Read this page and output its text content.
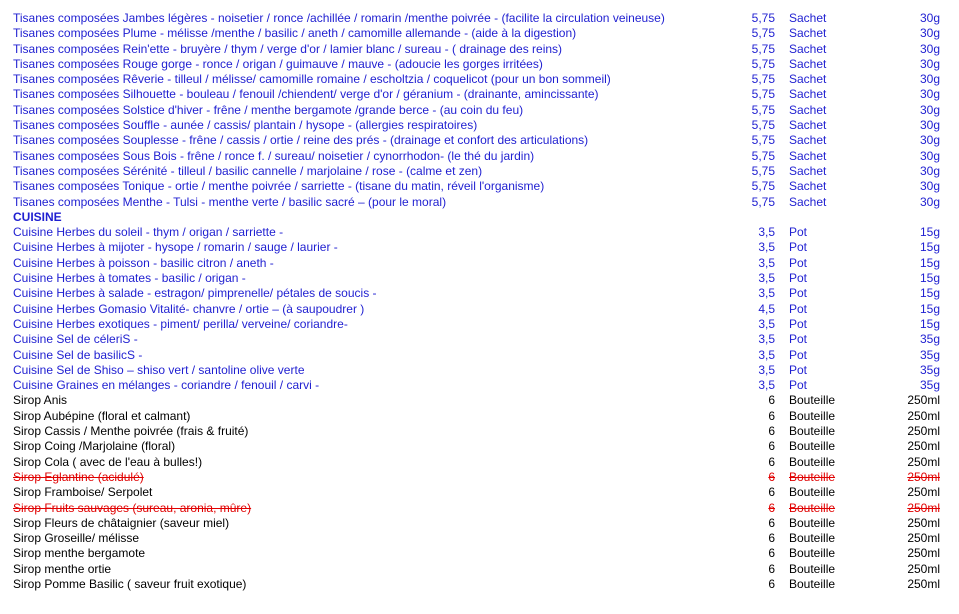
Tisanes composées Jambes légères - noisetier / ronce /achillée / romarin /menthe poivrée - (facilite la circulation veineuse)	5,75 Sachet	30g
Tisanes composées Plume - mélisse /menthe / basilic / aneth / camomille allemande - (aide à la digestion)	5,75 Sachet	30g
Tisanes composées Rein'ette - bruyère / thym / verge d'or / lamier blanc / sureau - ( drainage des reins)	5,75 Sachet	30g
Tisanes composées Rouge gorge - ronce / origan / guimauve / mauve - (adoucie les gorges irritées)	5,75 Sachet	30g
Tisanes composées Rêverie - tilleul / mélisse/ camomille romaine / escholtzia / coquelicot (pour un bon sommeil)	5,75 Sachet	30g
Tisanes composées Silhouette - bouleau / fenouil /chiendent/ verge d'or / géranium - (drainante, amincissante)	5,75 Sachet	30g
Tisanes composées Solstice d'hiver - frêne / menthe bergamote /grande berce - (au coin du feu)	5,75 Sachet	30g
Tisanes composées Souffle - aunée / cassis/ plantain / hysope - (allergies respiratoires)	5,75 Sachet	30g
Tisanes composées Souplesse - frêne / cassis / ortie / reine des prés - (drainage et confort des articulations)	5,75 Sachet	30g
Tisanes composées Sous Bois - frêne / ronce f. / sureau/ noisetier / cynorrhodon- (le thé du jardin)	5,75 Sachet	30g
Tisanes composées Sérénité - tilleul / basilic cannelle / marjolaine / rose - (calme et zen)	5,75 Sachet	30g
Tisanes composées Tonique - ortie / menthe poivrée / sarriette - (tisane du matin, réveil l'organisme)	5,75 Sachet	30g
Tisanes composées Menthe - Tulsi - menthe verte / basilic sacré – (pour le moral)	5,75 Sachet	30g
CUISINE
Cuisine Herbes du soleil - thym / origan / sarriette -	3,5 Pot	15g
Cuisine Herbes à mijoter - hysope / romarin / sauge / laurier -	3,5 Pot	15g
Cuisine Herbes à poisson - basilic citron / aneth -	3,5 Pot	15g
Cuisine Herbes à tomates - basilic / origan -	3,5 Pot	15g
Cuisine Herbes à salade - estragon/ pimprenelle/ pétales de soucis -	3,5 Pot	15g
Cuisine Herbes Gomasio Vitalité- chanvre / ortie – (à saupoudrer )	4,5 Pot	15g
Cuisine Herbes exotiques - piment/ perilla/ verveine/ coriandre-	3,5 Pot	15g
Cuisine Sel de céleriS -	3,5 Pot	35g
Cuisine Sel de basilicS -	3,5 Pot	35g
Cuisine Sel de Shiso – shiso vert / santoline olive verte	3,5 Pot	35g
Cuisine Graines en mélanges - coriandre / fenouil / carvi -	3,5 Pot	35g
Sirop Anis	6 Bouteille	250ml
Sirop Aubépine (floral et calmant)	6 Bouteille	250ml
Sirop Cassis / Menthe poivrée (frais & fruité)	6 Bouteille	250ml
Sirop Coing /Marjolaine (floral)	6 Bouteille	250ml
Sirop Cola ( avec de l'eau à bulles!)	6 Bouteille	250ml
Sirop Eglantine (acidulé)	6 Bouteille	250ml
Sirop Framboise/ Serpolet	6 Bouteille	250ml
Sirop Fruits sauvages (sureau, aronia, mûre)	6 Bouteille	250ml
Sirop Fleurs de châtaignier (saveur miel)	6 Bouteille	250ml
Sirop Groseille/ mélisse	6 Bouteille	250ml
Sirop menthe bergamote	6 Bouteille	250ml
Sirop menthe ortie	6 Bouteille	250ml
Sirop Pomme Basilic ( saveur fruit exotique)	6 Bouteille	250ml
